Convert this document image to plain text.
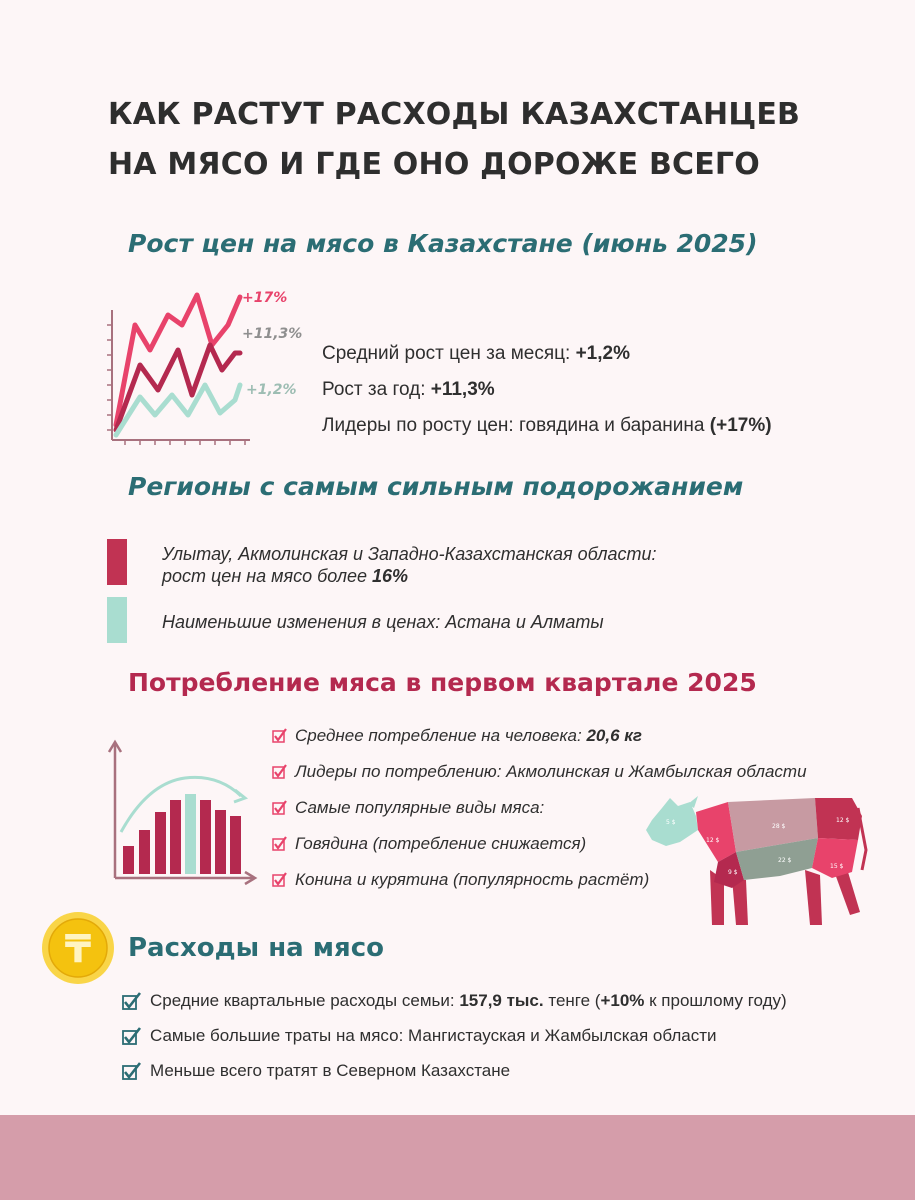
КАК РАСТУТ РАСХОДЫ КАЗАХСТАНЦЕВ
НА МЯСО И ГДЕ ОНО ДОРОЖЕ ВСЕГО
Рост цен на мясо в Казахстане (июнь 2025)
+17%
+11,3%
+1,2%
Средний рост цен за месяц: +1,2%
Рост за год: +11,3%
Лидеры по росту цен: говядина и баранина (+17%)
Регионы с самым сильным подорожанием
Улытау, Акмолинская и Западно-Казахстанская области:
рост цен на мясо более 16%
Наименьшие изменения в ценах: Астана и Алматы
Потребление мяса в первом квартале 2025
Среднее потребление на человека: 20,6 кг
Лидеры по потреблению: Акмолинская и Жамбылская области
Самые популярные виды мяса:
Говядина (потребление снижается)
Конина и курятина (популярность растёт)
5 $
12 $
28 $
12 $
9 $
22 $
15 $
₸ Расходы на мясо
Средние квартальные расходы семьи: 157,9 тыс. тенге (+10% к прошлому году)
Самые большие траты на мясо: Мангистауская и Жамбылская области
Меньше всего тратят в Северном Казахстане
